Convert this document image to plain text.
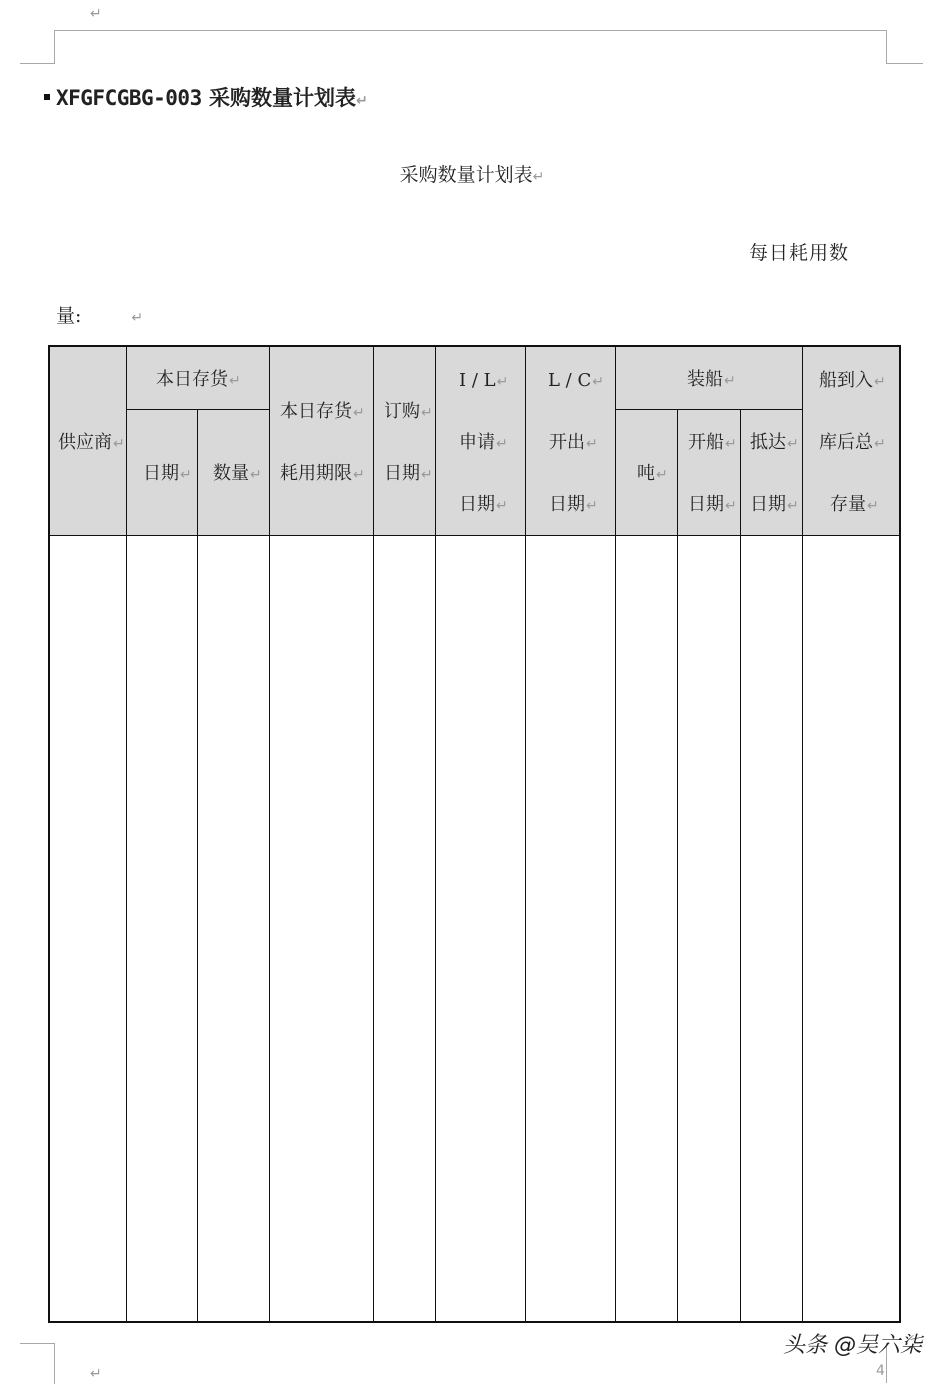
↵
↵	4
XFGFCGBG-003 采购数量计划表↵
采购数量计划表↵
每日耗用数
量:	↵
供应商↵
本日存货↵
日期↵ 数量↵
本日存货↵
耗用期限↵
订购↵
日期↵
I / L↵
申请↵
日期↵
L / C↵
开出↵
日期↵
装船↵
吨↵
开船↵
日期↵
抵达↵
日期↵
船到入↵
库后总↵
存量↵
头条 @吴六柒
